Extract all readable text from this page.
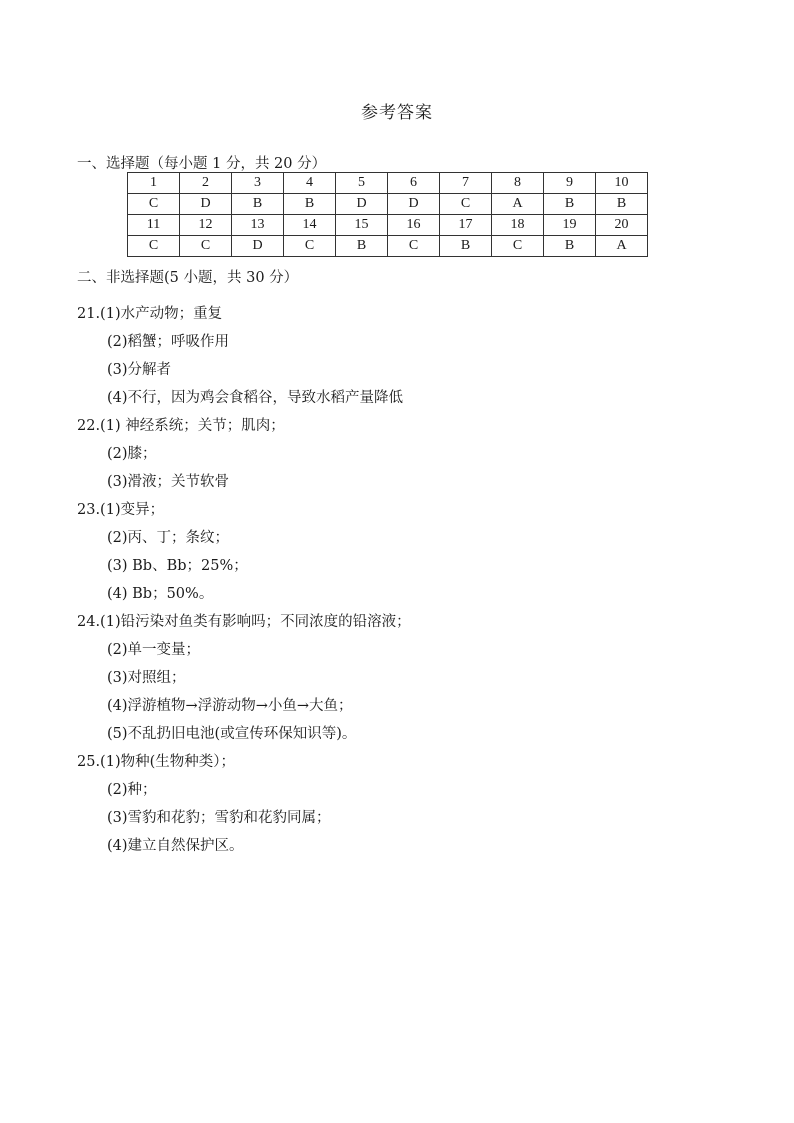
参考答案
一、选择题（每小题 1 分，共 20 分）
1	2	3	4	5	6	7	8	9	10
C	D	B	B	D	D	C	A	B	B
11	12	13	14	15	16	17	18	19	20
C	C	D	C	B	C	B	C	B	A
二、非选择题(5 小题，共 30 分）
21.(1)水产动物；重复
(2)稻蟹；呼吸作用
(3)分解者
(4)不行，因为鸡会食稻谷，导致水稻产量降低
22.(1) 神经系统；关节；肌肉；
(2)膝；
(3)滑液；关节软骨
23.(1)变异；
(2)丙、丁；条纹；
(3) Bb、Bb；25%；
(4) Bb；50%。
24.(1)铅污染对鱼类有影响吗；不同浓度的铅溶液；
(2)单一变量；
(3)对照组；
(4)浮游植物→浮游动物→小鱼→大鱼；
(5)不乱扔旧电池(或宣传环保知识等)。
25.(1)物种(生物种类）；
(2)种；
(3)雪豹和花豹；雪豹和花豹同属；
(4)建立自然保护区。
